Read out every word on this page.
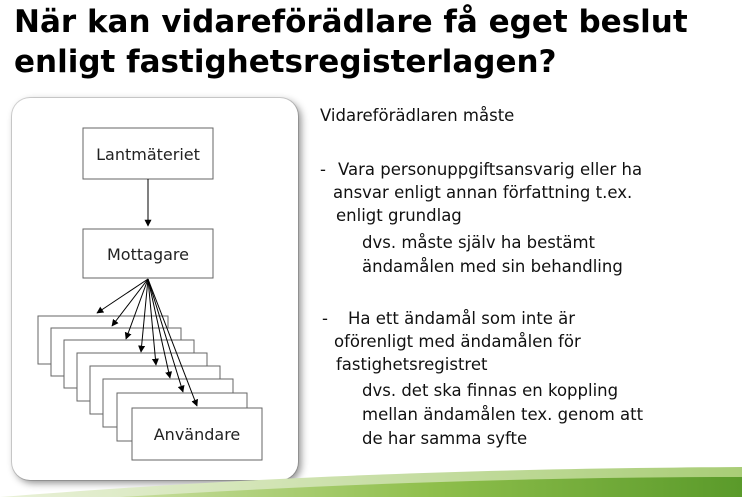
När kan vidareförädlare få eget beslut
enligt fastighetsregisterlagen?
Lantmäteriet
Mottagare
Användare
Vidareförädlaren måste
- Vara personuppgiftsansvarig eller ha
ansvar enligt annan författning t.ex.
enligt grundlag
dvs. måste själv ha bestämt
ändamålen med sin behandling
- Ha ett ändamål som inte är
oförenligt med ändamålen för
fastighetsregistret
dvs. det ska finnas en koppling
mellan ändamålen tex. genom att
de har samma syfte
